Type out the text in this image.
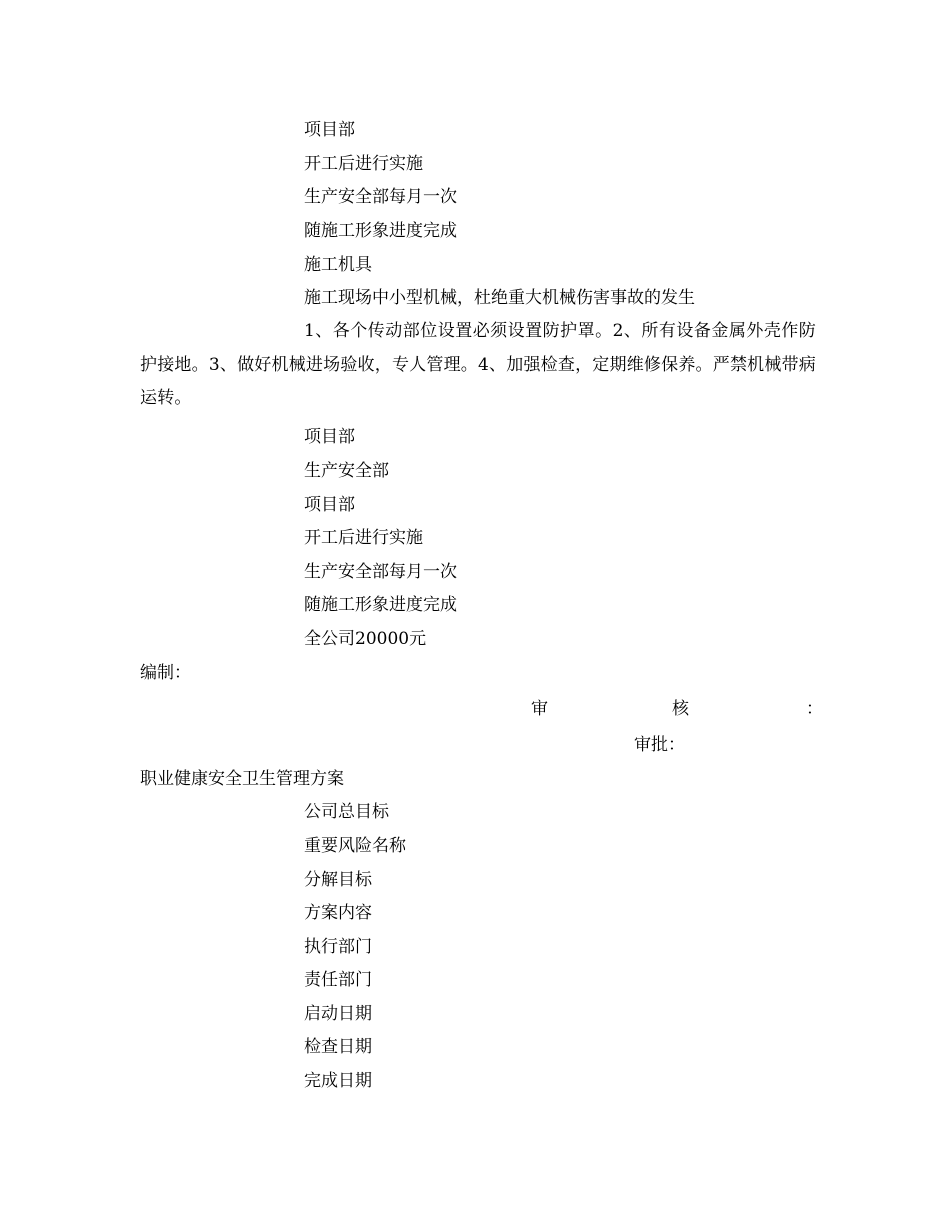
项目部
开工后进行实施
生产安全部每月一次
随施工形象进度完成
施工机具
施工现场中小型机械，杜绝重大机械伤害事故的发生
1、各个传动部位设置必须设置防护罩。2、所有设备金属外壳作防护接地。3、做好机械进场验收，专人管理。4、加强检查，定期维修保养。严禁机械带病运转。
项目部
生产安全部
项目部
开工后进行实施
生产安全部每月一次
随施工形象进度完成
全公司20000元
编制：
审	核	：
审批：
职业健康安全卫生管理方案
公司总目标
重要风险名称
分解目标
方案内容
执行部门
责任部门
启动日期
检查日期
完成日期
